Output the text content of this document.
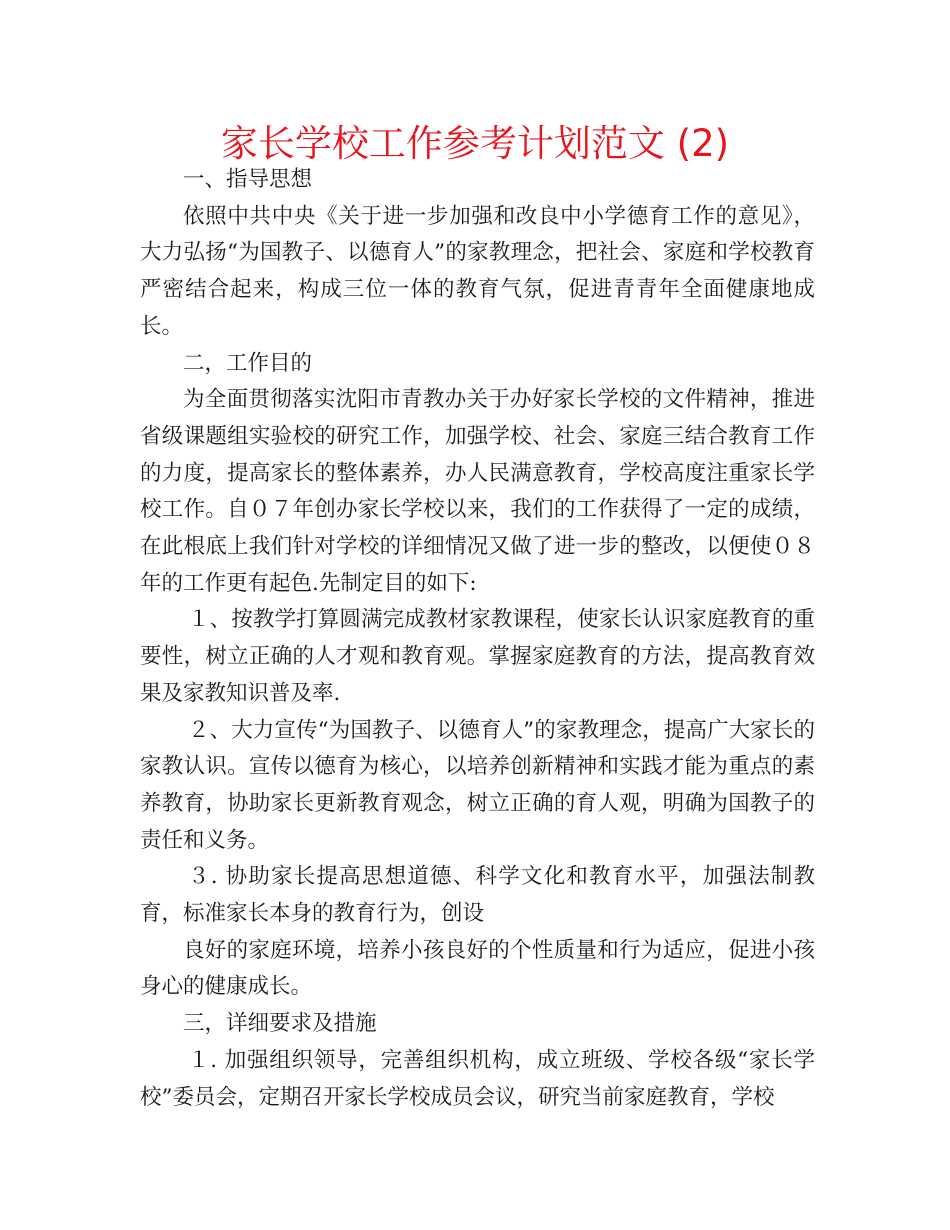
家长学校工作参考计划范文 (2)

一、指导思想

依照中共中央《关于进一步加强和改良中小学德育工作的意见》，大力弘扬“为国教子、以德育人”的家教理念，把社会、家庭和学校教育严密结合起来，构成三位一体的教育气氛，促进青青年全面健康地成长。

二，工作目的

为全面贯彻落实沈阳市青教办关于办好家长学校的文件精神，推进省级课题组实验校的研究工作，加强学校、社会、家庭三结合教育工作的力度，提高家长的整体素养，办人民满意教育，学校高度注重家长学校工作。自０７年创办家长学校以来，我们的工作获得了一定的成绩，在此根底上我们针对学校的详细情况又做了进一步的整改，以便使０８年的工作更有起色.先制定目的如下:

１、按教学打算圆满完成教材家教课程，使家长认识家庭教育的重要性，树立正确的人才观和教育观。掌握家庭教育的方法，提高教育效果及家教知识普及率.

２、大力宣传“为国教子、以德育人”的家教理念，提高广大家长的家教认识。宣传以德育为核心，以培养创新精神和实践才能为重点的素养教育，协助家长更新教育观念，树立正确的育人观，明确为国教子的责任和义务。

３. 协助家长提高思想道德、科学文化和教育水平，加强法制教育，标准家长本身的教育行为，创设

良好的家庭环境，培养小孩良好的个性质量和行为适应，促进小孩身心的健康成长。

三，详细要求及措施

１. 加强组织领导，完善组织机构，成立班级、学校各级“家长学校”委员会，定期召开家长学校成员会议，研究当前家庭教育，学校
